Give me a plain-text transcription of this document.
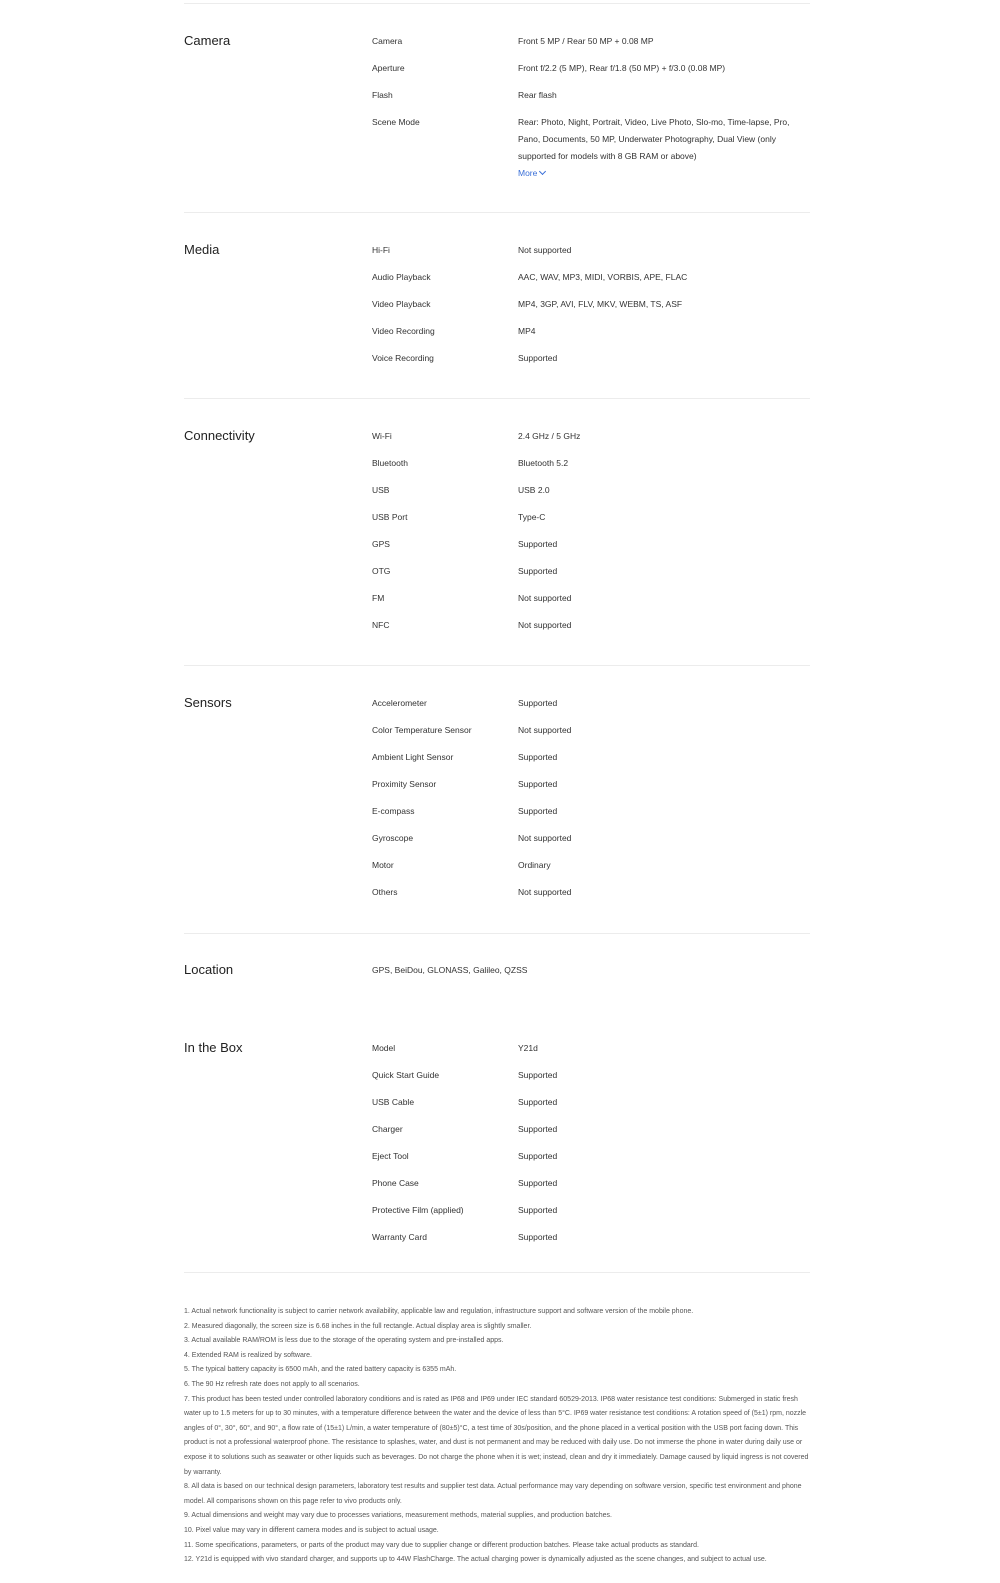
Camera	Camera	Front 5 MP / Rear 50 MP + 0.08 MP
Aperture	Front f/2.2 (5 MP), Rear f/1.8 (50 MP) + f/3.0 (0.08 MP)
Flash	Rear flash
Scene Mode	Rear: Photo, Night, Portrait, Video, Live Photo, Slo-mo, Time-lapse, Pro, Pano, Documents, 50 MP, Underwater Photography, Dual View (only supported for models with 8 GB RAM or above)
More
Media	Hi-Fi	Not supported
Audio Playback	AAC, WAV, MP3, MIDI, VORBIS, APE, FLAC
Video Playback	MP4, 3GP, AVI, FLV, MKV, WEBM, TS, ASF
Video Recording	MP4
Voice Recording	Supported
Connectivity	Wi-Fi	2.4 GHz / 5 GHz
Bluetooth	Bluetooth 5.2
USB	USB 2.0
USB Port	Type-C
GPS	Supported
OTG	Supported
FM	Not supported
NFC	Not supported
Sensors	Accelerometer	Supported
Color Temperature Sensor	Not supported
Ambient Light Sensor	Supported
Proximity Sensor	Supported
E-compass	Supported
Gyroscope	Not supported
Motor	Ordinary
Others	Not supported
Location	GPS, BeiDou, GLONASS, Galileo, QZSS
In the Box	Model	Y21d
Quick Start Guide	Supported
USB Cable	Supported
Charger	Supported
Eject Tool	Supported
Phone Case	Supported
Protective Film (applied)	Supported
Warranty Card	Supported

1. Actual network functionality is subject to carrier network availability, applicable law and regulation, infrastructure support and software version of the mobile phone.

2. Measured diagonally, the screen size is 6.68 inches in the full rectangle. Actual display area is slightly smaller.

3. Actual available RAM/ROM is less due to the storage of the operating system and pre-installed apps.

4. Extended RAM is realized by software.

5. The typical battery capacity is 6500 mAh, and the rated battery capacity is 6355 mAh.

6. The 90 Hz refresh rate does not apply to all scenarios.

7. This product has been tested under controlled laboratory conditions and is rated as IP68 and IP69 under IEC standard 60529-2013. IP68 water resistance test conditions: Submerged in static fresh water up to 1.5 meters for up to 30 minutes, with a temperature difference between the water and the device of less than 5°C. IP69 water resistance test conditions: A rotation speed of (5±1) rpm, nozzle angles of 0°, 30°, 60°, and 90°, a flow rate of (15±1) L/min, a water temperature of (80±5)°C, a test time of 30s/position, and the phone placed in a vertical position with the USB port facing down. This product is not a professional waterproof phone. The resistance to splashes, water, and dust is not permanent and may be reduced with daily use. Do not immerse the phone in water during daily use or expose it to solutions such as seawater or other liquids such as beverages. Do not charge the phone when it is wet; instead, clean and dry it immediately. Damage caused by liquid ingress is not covered by warranty.

8. All data is based on our technical design parameters, laboratory test results and supplier test data. Actual performance may vary depending on software version, specific test environment and phone model. All comparisons shown on this page refer to vivo products only.

9. Actual dimensions and weight may vary due to processes variations, measurement methods, material supplies, and production batches.

10. Pixel value may vary in different camera modes and is subject to actual usage.

11. Some specifications, parameters, or parts of the product may vary due to supplier change or different production batches. Please take actual products as standard.

12. Y21d is equipped with vivo standard charger, and supports up to 44W FlashCharge. The actual charging power is dynamically adjusted as the scene changes, and subject to actual use.
